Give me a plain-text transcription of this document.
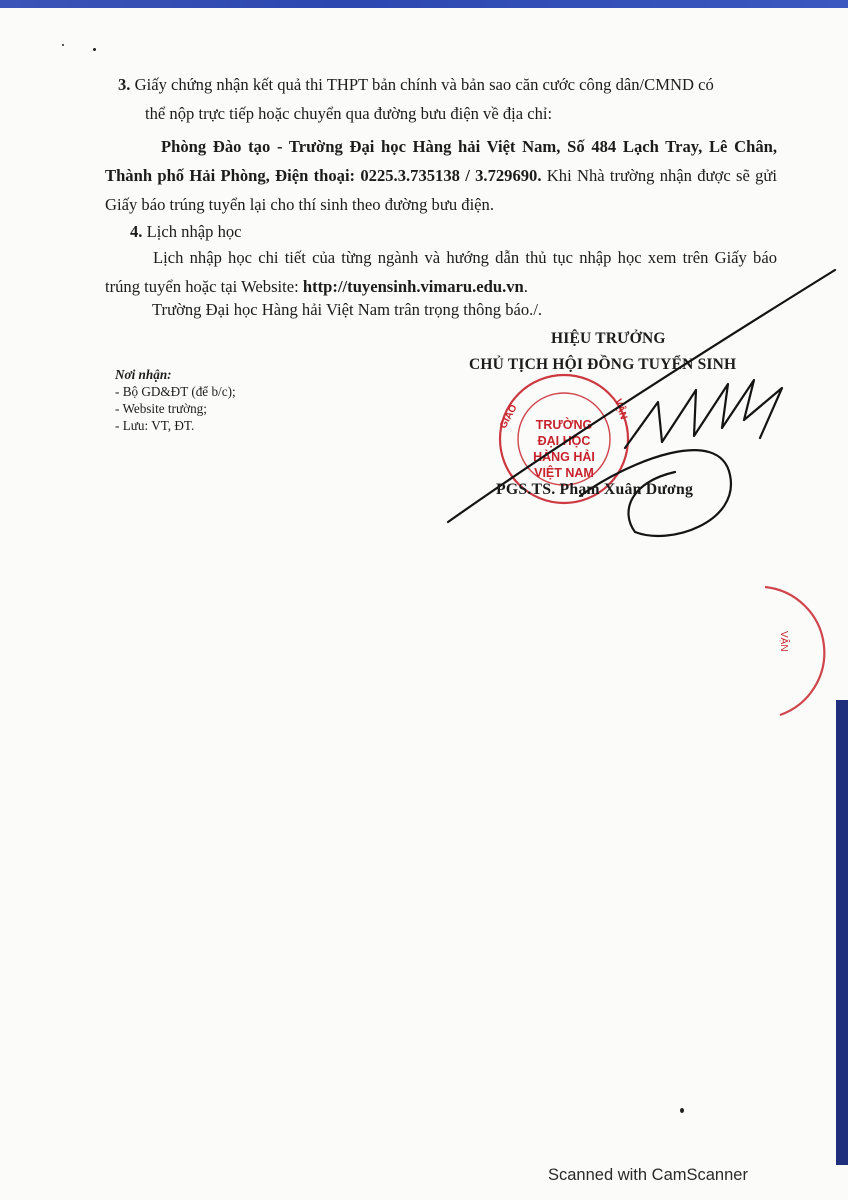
3. Giấy chứng nhận kết quả thi THPT bản chính và bản sao căn cước công dân/CMND có

thể nộp trực tiếp hoặc chuyển qua đường bưu điện về địa chỉ:

Phòng Đào tạo - Trường Đại học Hàng hải Việt Nam, Số 484 Lạch Tray, Lê Chân, Thành phố Hải Phòng, Điện thoại: 0225.3.735138 / 3.729690. Khi Nhà trường nhận được sẽ gửi Giấy báo trúng tuyển lại cho thí sinh theo đường bưu điện.

4. Lịch nhập học

Lịch nhập học chi tiết của từng ngành và hướng dẫn thủ tục nhập học xem trên Giấy báo trúng tuyển hoặc tại Website: http://tuyensinh.vimaru.edu.vn.

Trường Đại học Hàng hải Việt Nam trân trọng thông báo./.

HIỆU TRƯỞNG
CHỦ TỊCH HỘI ĐỒNG TUYỂN SINH
Nơi nhận:
- Bộ GD&ĐT (để b/c);
- Website trường;
- Lưu: VT, ĐT.	TRƯỜNG
ĐẠI HỌC
HÀNG HẢI
VIỆT NAM
GIAO	VẬN
VẬN
PGS.TS. Phạm Xuân Dương
Scanned with CamScanner
